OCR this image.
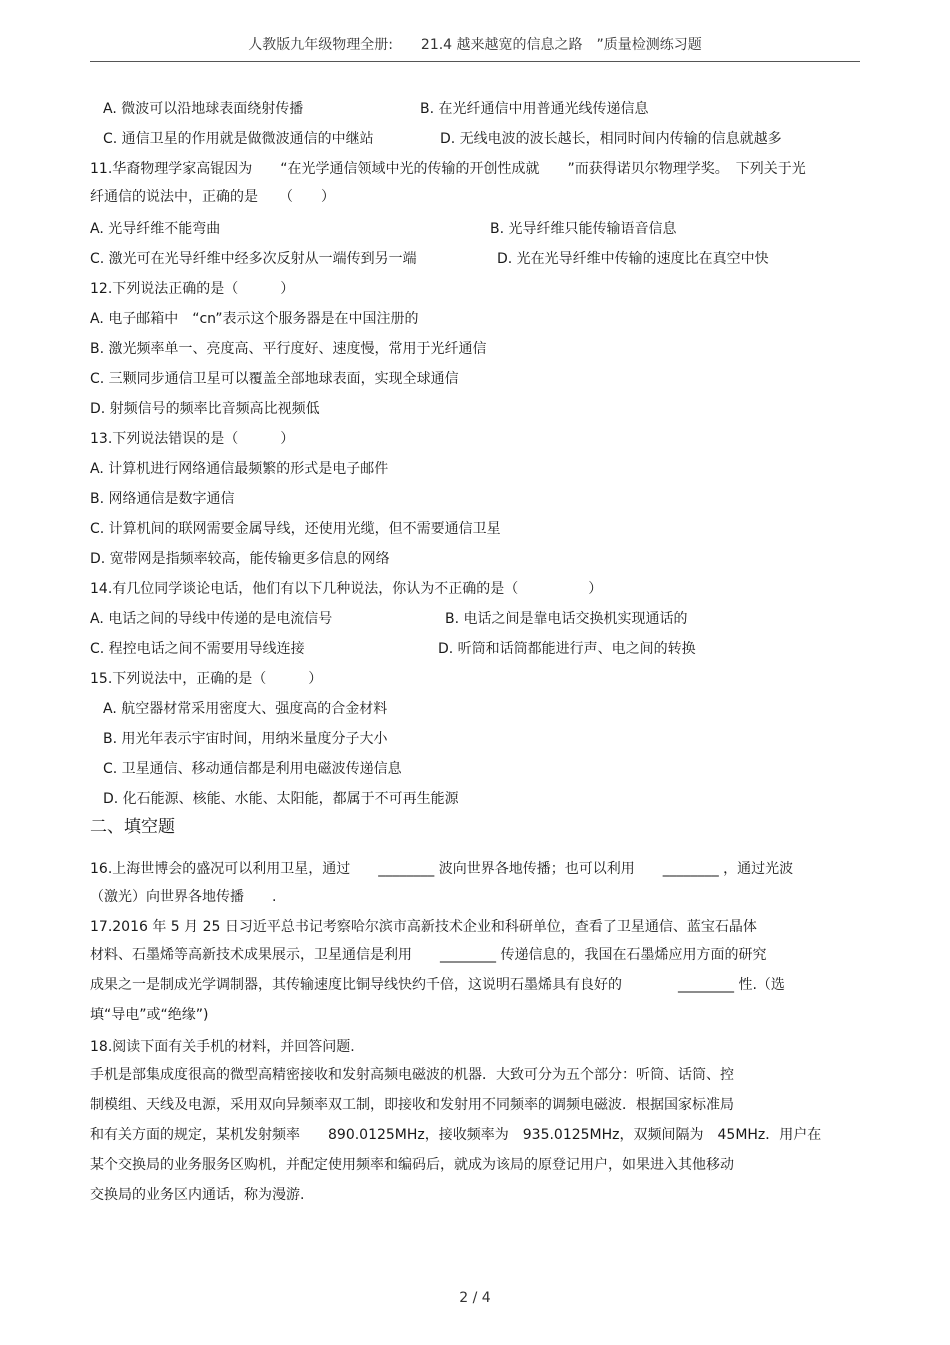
人教版九年级物理全册:　　21.4 越来越宽的信息之路　”质量检测练习题
A. 微波可以沿地球表面绕射传播	B. 在光纤通信中用普通光线传递信息
C. 通信卫星的作用就是做微波通信的中继站	D. 无线电波的波长越长，相同时间内传输的信息就越多
11.华裔物理学家高锟因为　　“在光学通信领域中光的传输的开创性成就　　”而获得诺贝尔物理学奖。　下列关于光
纤通信的说法中，正确的是　　（　　）
A. 光导纤维不能弯曲	B. 光导纤维只能传输语音信息
C. 激光可在光导纤维中经多次反射从一端传到另一端	D. 光在光导纤维中传输的速度比在真空中快
12.下列说法正确的是（　　　）
A. 电子邮箱中　“cn”表示这个服务器是在中国注册的
B. 激光频率单一、亮度高、平行度好、速度慢，常用于光纤通信
C. 三颗同步通信卫星可以覆盖全部地球表面，实现全球通信
D. 射频信号的频率比音频高比视频低
13.下列说法错误的是（　　　）
A. 计算机进行网络通信最频繁的形式是电子邮件
B. 网络通信是数字通信
C. 计算机间的联网需要金属导线，还使用光缆，但不需要通信卫星
D. 宽带网是指频率较高，能传输更多信息的网络
14.有几位同学谈论电话，他们有以下几种说法，你认为不正确的是（　　　　　）
A. 电话之间的导线中传递的是电流信号	B. 电话之间是靠电话交换机实现通话的
C. 程控电话之间不需要用导线连接	D. 听筒和话筒都能进行声、电之间的转换
15.下列说法中，正确的是（　　　）
A. 航空器材常采用密度大、强度高的合金材料
B. 用光年表示宇宙时间，用纳米量度分子大小
C. 卫星通信、移动通信都是利用电磁波传递信息
D. 化石能源、核能、水能、太阳能，都属于不可再生能源
二、填空题
16.上海世博会的盛况可以利用卫星，通过　　________ 波向世界各地传播；也可以利用　　________ ，通过光波
（激光）向世界各地传播　　.
17.2016 年 5 月 25 日习近平总书记考察哈尔滨市高新技术企业和科研单位，查看了卫星通信、蓝宝石晶体
材料、石墨烯等高新技术成果展示，卫星通信是利用　　________ 传递信息的，我国在石墨烯应用方面的研究
成果之一是制成光学调制器，其传输速度比铜导线快约千倍，这说明石墨烯具有良好的　　　　________ 性.（选
填“导电”或“绝缘”)
18.阅读下面有关手机的材料，并回答问题.
手机是部集成度很高的微型高精密接收和发射高频电磁波的机器．大致可分为五个部分：听筒、话筒、控
制模组、天线及电源，采用双向异频率双工制，即接收和发射用不同频率的调频电磁波．根据国家标准局
和有关方面的规定，某机发射频率　　890.0125MHz，接收频率为　935.0125MHz，双频间隔为　45MHz．用户在
某个交换局的业务服务区购机，并配定使用频率和编码后，就成为该局的原登记用户，如果进入其他移动
交换局的业务区内通话，称为漫游.
2 / 4
